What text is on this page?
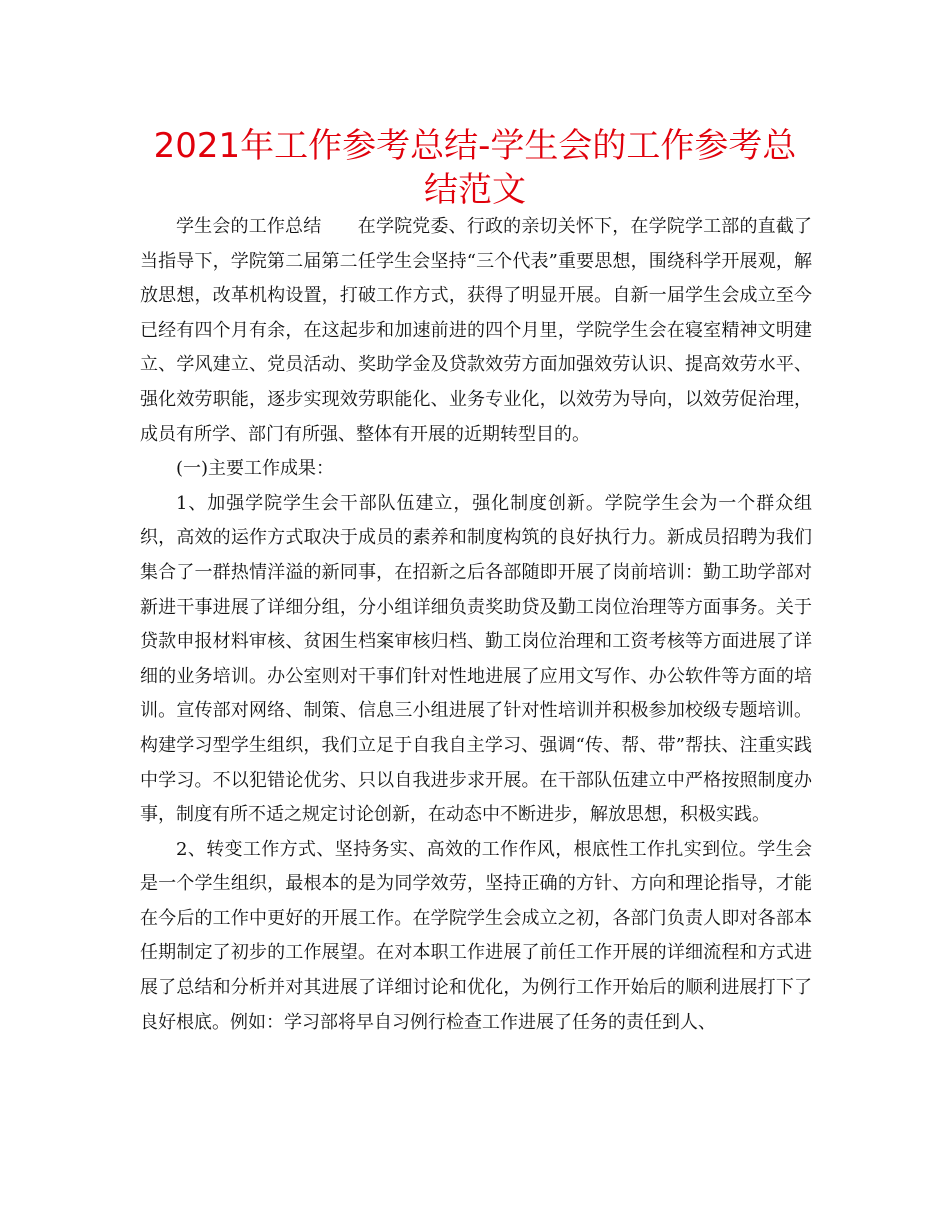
2021年工作参考总结-学生会的工作参考总结范文

学生会的工作总结　　在学院党委、行政的亲切关怀下，在学院学工部的直截了当指导下，学院第二届第二任学生会坚持“三个代表”重要思想，围绕科学开展观，解放思想，改革机构设置，打破工作方式，获得了明显开展。自新一届学生会成立至今已经有四个月有余，在这起步和加速前进的四个月里，学院学生会在寝室精神文明建立、学风建立、党员活动、奖助学金及贷款效劳方面加强效劳认识、提高效劳水平、强化效劳职能，逐步实现效劳职能化、业务专业化，以效劳为导向，以效劳促治理，成员有所学、部门有所强、整体有开展的近期转型目的。

(一)主要工作成果：

1、加强学院学生会干部队伍建立，强化制度创新。学院学生会为一个群众组织，高效的运作方式取决于成员的素养和制度构筑的良好执行力。新成员招聘为我们集合了一群热情洋溢的新同事，在招新之后各部随即开展了岗前培训：勤工助学部对新进干事进展了详细分组，分小组详细负责奖助贷及勤工岗位治理等方面事务。关于贷款申报材料审核、贫困生档案审核归档、勤工岗位治理和工资考核等方面进展了详细的业务培训。办公室则对干事们针对性地进展了应用文写作、办公软件等方面的培训。宣传部对网络、制策、信息三小组进展了针对性培训并积极参加校级专题培训。构建学习型学生组织，我们立足于自我自主学习、强调“传、帮、带”帮扶、注重实践中学习。不以犯错论优劣、只以自我进步求开展。在干部队伍建立中严格按照制度办事，制度有所不适之规定讨论创新，在动态中不断进步，解放思想，积极实践。

2、转变工作方式、坚持务实、高效的工作作风，根底性工作扎实到位。学生会是一个学生组织，最根本的是为同学效劳，坚持正确的方针、方向和理论指导，才能在今后的工作中更好的开展工作。在学院学生会成立之初，各部门负责人即对各部本任期制定了初步的工作展望。在对本职工作进展了前任工作开展的详细流程和方式进展了总结和分析并对其进展了详细讨论和优化，为例行工作开始后的顺利进展打下了良好根底。例如：学习部将早自习例行检查工作进展了任务的责任到人、
